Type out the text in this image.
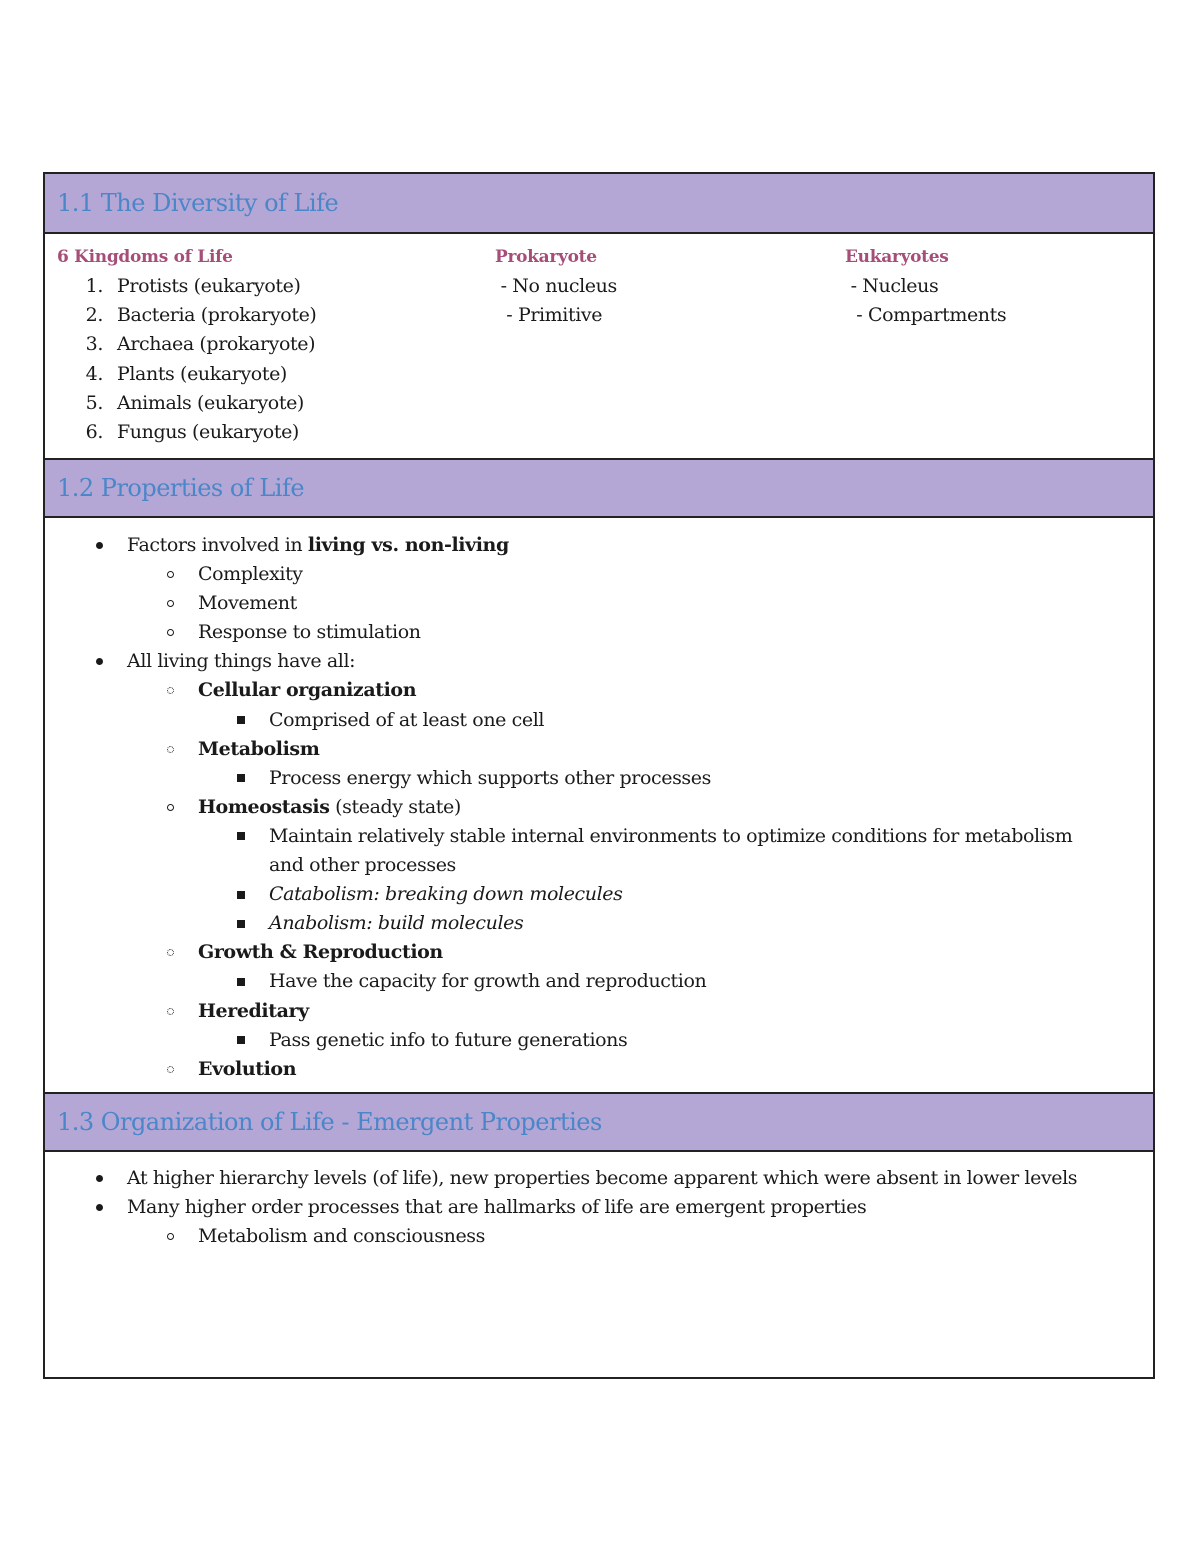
1.1 The Diversity of Life
6 Kingdoms of Life
1. Protists (eukaryote)
2. Bacteria (prokaryote)
3. Archaea (prokaryote)
4. Plants (eukaryote)
5. Animals (eukaryote)
6. Fungus (eukaryote)
Prokaryote
- No nucleus
- Primitive
Eukaryotes
- Nucleus
- Compartments
1.2 Properties of Life
Factors involved in living vs. non-living
Complexity
Movement
Response to stimulation
All living things have all:
Cellular organization
Comprised of at least one cell
Metabolism
Process energy which supports other processes
Homeostasis (steady state)
Maintain relatively stable internal environments to optimize conditions for metabolism and other processes
Catabolism: breaking down molecules
Anabolism: build molecules
Growth & Reproduction
Have the capacity for growth and reproduction
Hereditary
Pass genetic info to future generations
Evolution
1.3 Organization of Life - Emergent Properties
At higher hierarchy levels (of life), new properties become apparent which were absent in lower levels
Many higher order processes that are hallmarks of life are emergent properties
Metabolism and consciousness
